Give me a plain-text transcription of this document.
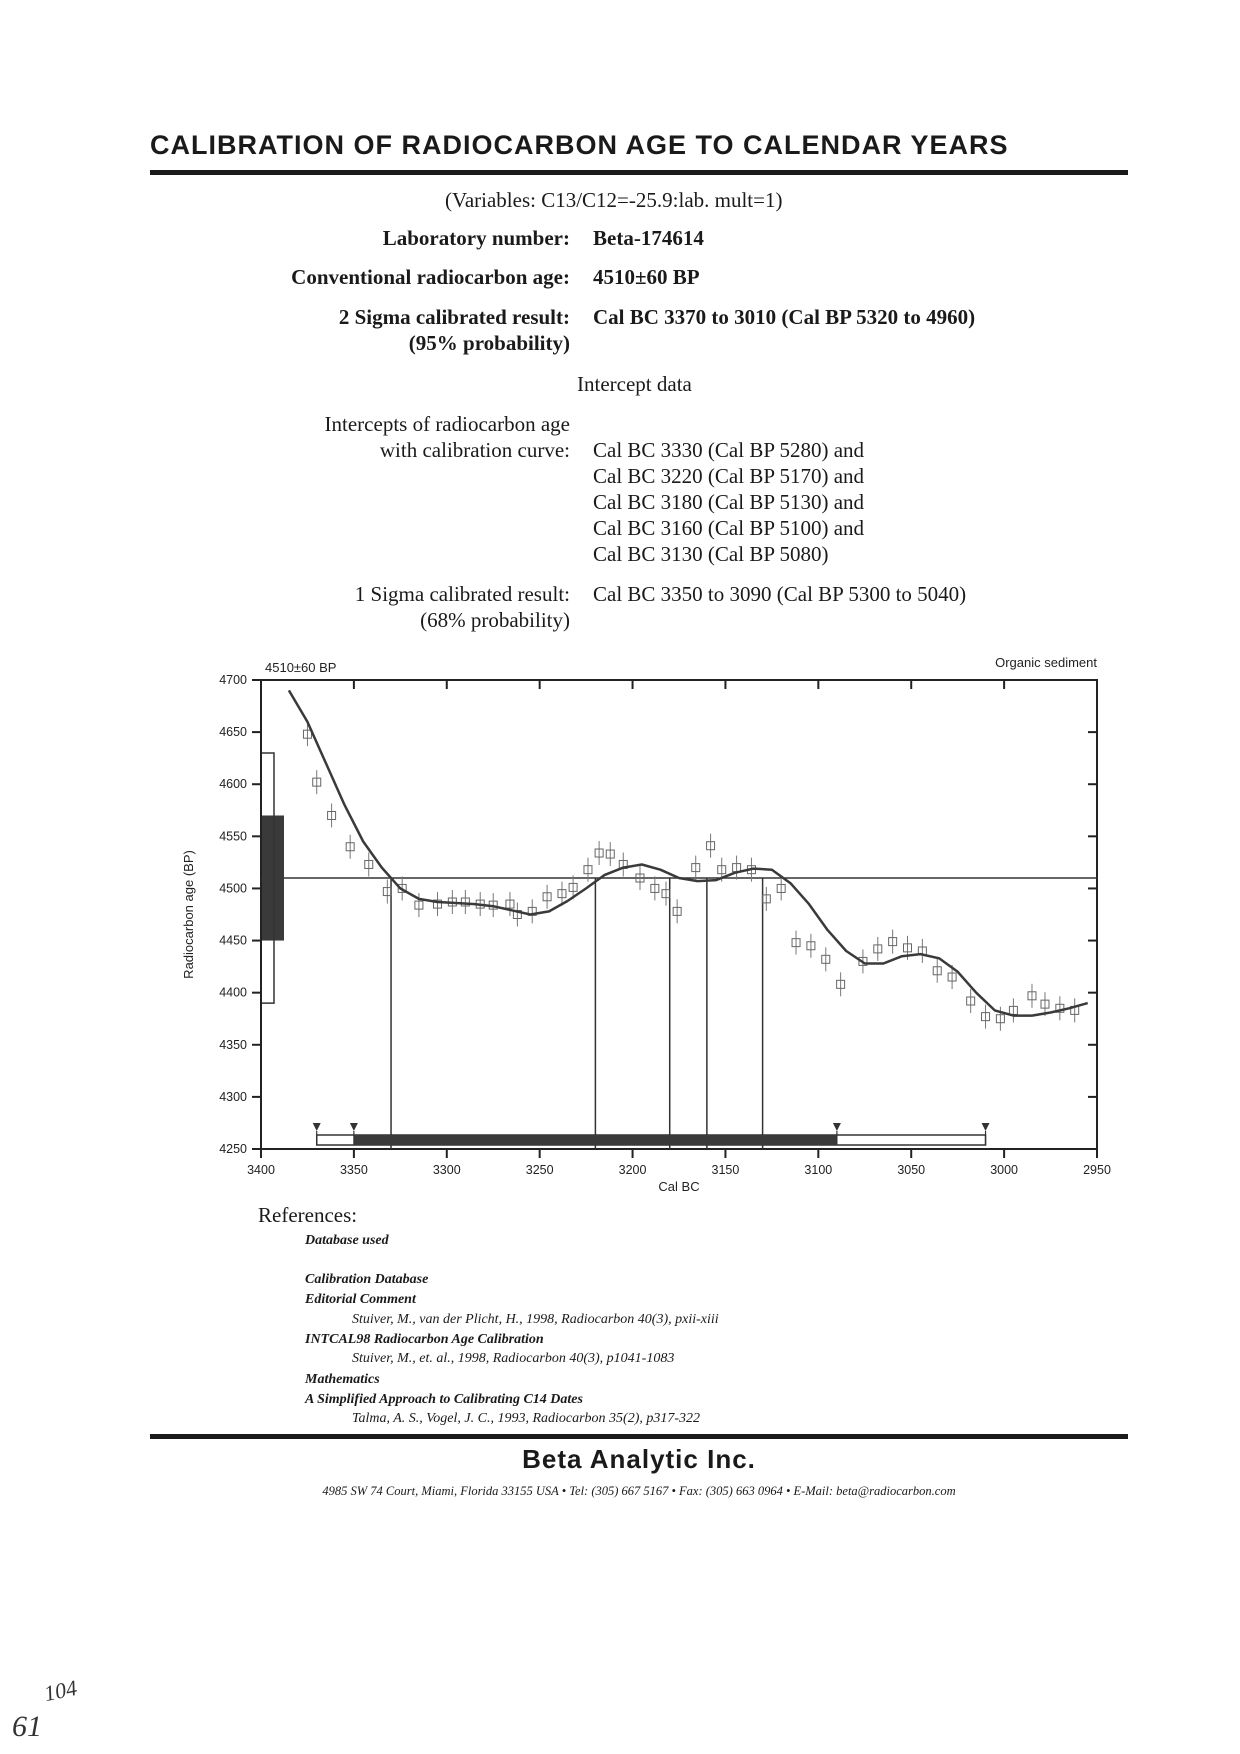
CALIBRATION OF RADIOCARBON AGE TO CALENDAR YEARS
(Variables: C13/C12=-25.9:lab. mult=1)
Laboratory number: Beta-174614
Conventional radiocarbon age: 4510±60 BP
2 Sigma calibrated result:
(95% probability)
Cal BC 3370 to 3010 (Cal BP 5320 to 4960)
Intercept data
Intercepts of radiocarbon age
with calibration curve: Cal BC 3330 (Cal BP 5280) and
Cal BC 3220 (Cal BP 5170) and
Cal BC 3180 (Cal BP 5130) and
Cal BC 3160 (Cal BP 5100) and
Cal BC 3130 (Cal BP 5080)
1 Sigma calibrated result:
(68% probability)
Cal BC 3350 to 3090 (Cal BP 5300 to 5040)
4700
4650
4600
4550
4500
4450
4400
4350
4300
4250
3400	3350	3300	3250	3200	3150	3100	3050	3000	2950
Cal BC
Radiocarbon age (BP)
4510±60 BP	Organic sediment
References:
Database used
Calibration Database
Editorial Comment
Stuiver, M., van der Plicht, H., 1998, Radiocarbon 40(3), pxii-xiii
INTCAL98 Radiocarbon Age Calibration
Stuiver, M., et. al., 1998, Radiocarbon 40(3), p1041-1083
Mathematics
A Simplified Approach to Calibrating C14 Dates
Talma, A. S., Vogel, J. C., 1993, Radiocarbon 35(2), p317-322
Beta Analytic Inc.
4985 SW 74 Court, Miami, Florida 33155 USA • Tel: (305) 667 5167 • Fax: (305) 663 0964 • E-Mail: beta@radiocarbon.com
104
61
